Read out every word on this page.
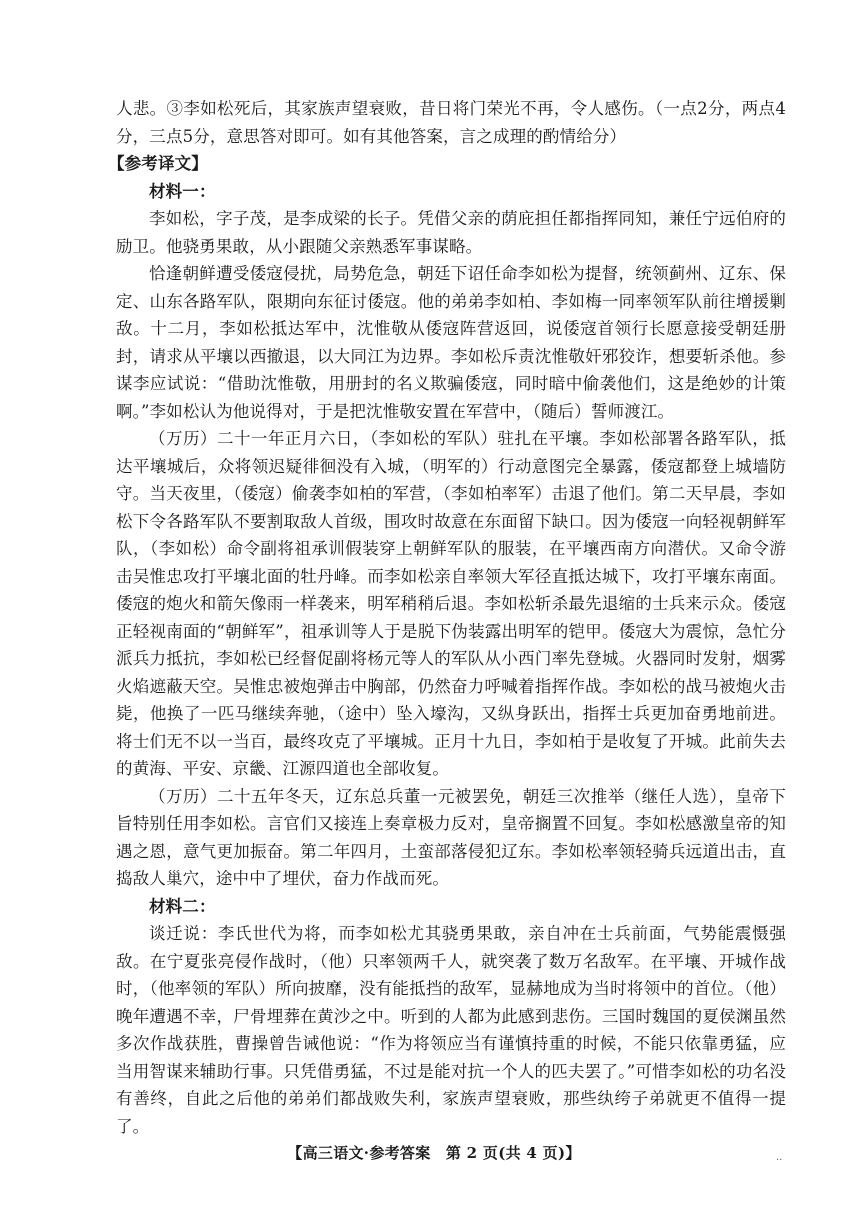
人悲。③李如松死后，其家族声望衰败，昔日将门荣光不再，令人感伤。（一点2分，两点4分，三点5分，意思答对即可。如有其他答案，言之成理的酌情给分）

【参考译文】

材料一：

李如松，字子茂，是李成梁的长子。凭借父亲的荫庇担任都指挥同知，兼任宁远伯府的励卫。他骁勇果敢，从小跟随父亲熟悉军事谋略。

恰逢朝鲜遭受倭寇侵扰，局势危急，朝廷下诏任命李如松为提督，统领蓟州、辽东、保定、山东各路军队，限期向东征讨倭寇。他的弟弟李如柏、李如梅一同率领军队前往增援剿敌。十二月，李如松抵达军中，沈惟敬从倭寇阵营返回，说倭寇首领行长愿意接受朝廷册封，请求从平壤以西撤退，以大同江为边界。李如松斥责沈惟敬奸邪狡诈，想要斩杀他。参谋李应试说：“借助沈惟敬，用册封的名义欺骗倭寇，同时暗中偷袭他们，这是绝妙的计策啊。”李如松认为他说得对，于是把沈惟敬安置在军营中，（随后）誓师渡江。

（万历）二十一年正月六日，（李如松的军队）驻扎在平壤。李如松部署各路军队，抵达平壤城后，众将领迟疑徘徊没有入城，（明军的）行动意图完全暴露，倭寇都登上城墙防守。当天夜里，（倭寇）偷袭李如柏的军营，（李如柏率军）击退了他们。第二天早晨，李如松下令各路军队不要割取敌人首级，围攻时故意在东面留下缺口。因为倭寇一向轻视朝鲜军队，（李如松）命令副将祖承训假装穿上朝鲜军队的服装，在平壤西南方向潜伏。又命令游击吴惟忠攻打平壤北面的牡丹峰。而李如松亲自率领大军径直抵达城下，攻打平壤东南面。倭寇的炮火和箭矢像雨一样袭来，明军稍稍后退。李如松斩杀最先退缩的士兵来示众。倭寇正轻视南面的“朝鲜军”，祖承训等人于是脱下伪装露出明军的铠甲。倭寇大为震惊，急忙分派兵力抵抗，李如松已经督促副将杨元等人的军队从小西门率先登城。火器同时发射，烟雾火焰遮蔽天空。吴惟忠被炮弹击中胸部，仍然奋力呼喊着指挥作战。李如松的战马被炮火击毙，他换了一匹马继续奔驰，（途中）坠入壕沟，又纵身跃出，指挥士兵更加奋勇地前进。将士们无不以一当百，最终攻克了平壤城。正月十九日，李如柏于是收复了开城。此前失去的黄海、平安、京畿、江源四道也全部收复。

（万历）二十五年冬天，辽东总兵董一元被罢免，朝廷三次推举（继任人选），皇帝下旨特别任用李如松。言官们又接连上奏章极力反对，皇帝搁置不回复。李如松感激皇帝的知遇之恩，意气更加振奋。第二年四月，土蛮部落侵犯辽东。李如松率领轻骑兵远道出击，直捣敌人巢穴，途中中了埋伏，奋力作战而死。

材料二：

谈迁说：李氏世代为将，而李如松尤其骁勇果敢，亲自冲在士兵前面，气势能震慑强敌。在宁夏张亮侵作战时，（他）只率领两千人，就突袭了数万名敌军。在平壤、开城作战时，（他率领的军队）所向披靡，没有能抵挡的敌军，显赫地成为当时将领中的首位。（他）晚年遭遇不幸，尸骨埋葬在黄沙之中。听到的人都为此感到悲伤。三国时魏国的夏侯渊虽然多次作战获胜，曹操曾告诫他说：“作为将领应当有谨慎持重的时候，不能只依靠勇猛，应当用智谋来辅助行事。只凭借勇猛，不过是能对抗一个人的匹夫罢了。”可惜李如松的功名没有善终，自此之后他的弟弟们都战败失利，家族声望衰败，那些纨绔子弟就更不值得一提了。

【高三语文·参考答案　第 2 页(共 4 页)】	..
